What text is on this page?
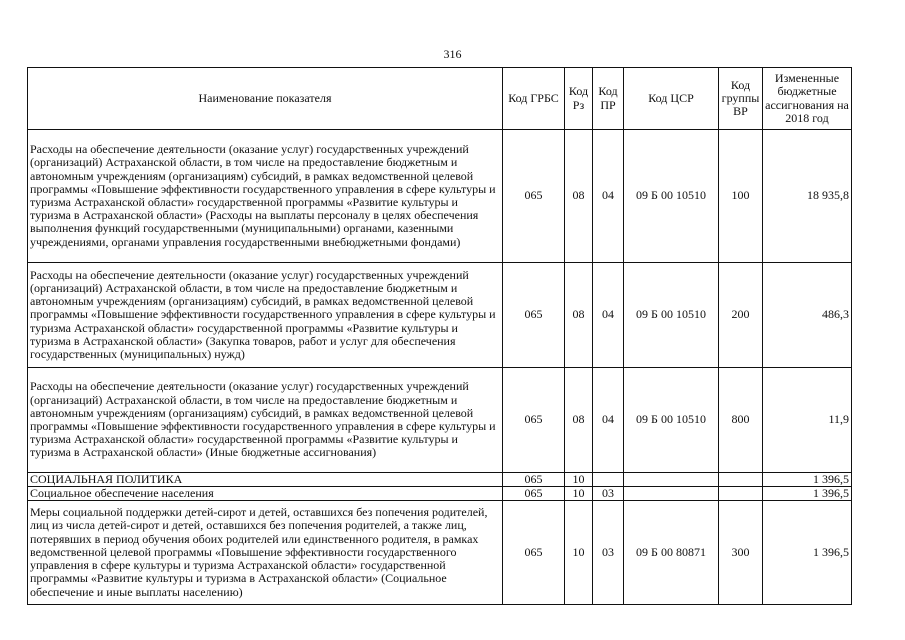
316
Наименование показателя	Код ГРБС	Код Рз	Код ПР	Код ЦСР	Код группы ВР	Измененные бюджетные ассигнования на 2018 год

Расходы на обеспечение деятельности (оказание услуг) государственных учреждений (организаций) Астраханской области, в том числе на предоставление бюджетным и автономным учреждениям (организациям) субсидий, в рамках ведомственной целевой программы «Повышение эффективности государственного управления в сфере культуры и туризма Астраханской области» государственной программы «Развитие культуры и туризма в Астраханской области» (Расходы на выплаты персоналу в целях обеспечения выполнения функций государственными (муниципальными) органами, казенными учреждениями, органами управления государственными внебюджетными фондами)	065	08	04	09 Б 00 10510	100	18 935,8
Расходы на обеспечение деятельности (оказание услуг) государственных учреждений (организаций) Астраханской области, в том числе на предоставление бюджетным и автономным учреждениям (организациям) субсидий, в рамках ведомственной целевой программы «Повышение эффективности государственного управления в сфере культуры и туризма Астраханской области» государственной программы «Развитие культуры и туризма в Астраханской области» (Закупка товаров, работ и услуг для обеспечения государственных (муниципальных) нужд)	065	08	04	09 Б 00 10510	200	486,3
Расходы на обеспечение деятельности (оказание услуг) государственных учреждений (организаций) Астраханской области, в том числе на предоставление бюджетным и автономным учреждениям (организациям) субсидий, в рамках ведомственной целевой программы «Повышение эффективности государственного управления в сфере культуры и туризма Астраханской области» государственной программы «Развитие культуры и туризма в Астраханской области» (Иные бюджетные ассигнования)	065	08	04	09 Б 00 10510	800	11,9
СОЦИАЛЬНАЯ ПОЛИТИКА	065	10				1 396,5
Социальное обеспечение населения	065	10	03			1 396,5
Меры социальной поддержки детей-сирот и детей, оставшихся без попечения родителей, лиц из числа детей-сирот и детей, оставшихся без попечения родителей, а также лиц, потерявших в период обучения обоих родителей или единственного родителя, в рамках ведомственной целевой программы «Повышение эффективности государственного управления в сфере культуры и туризма Астраханской области» государственной программы «Развитие культуры и туризма в Астраханской области» (Социальное обеспечение и иные выплаты населению)	065	10	03	09 Б 00 80871	300	1 396,5
